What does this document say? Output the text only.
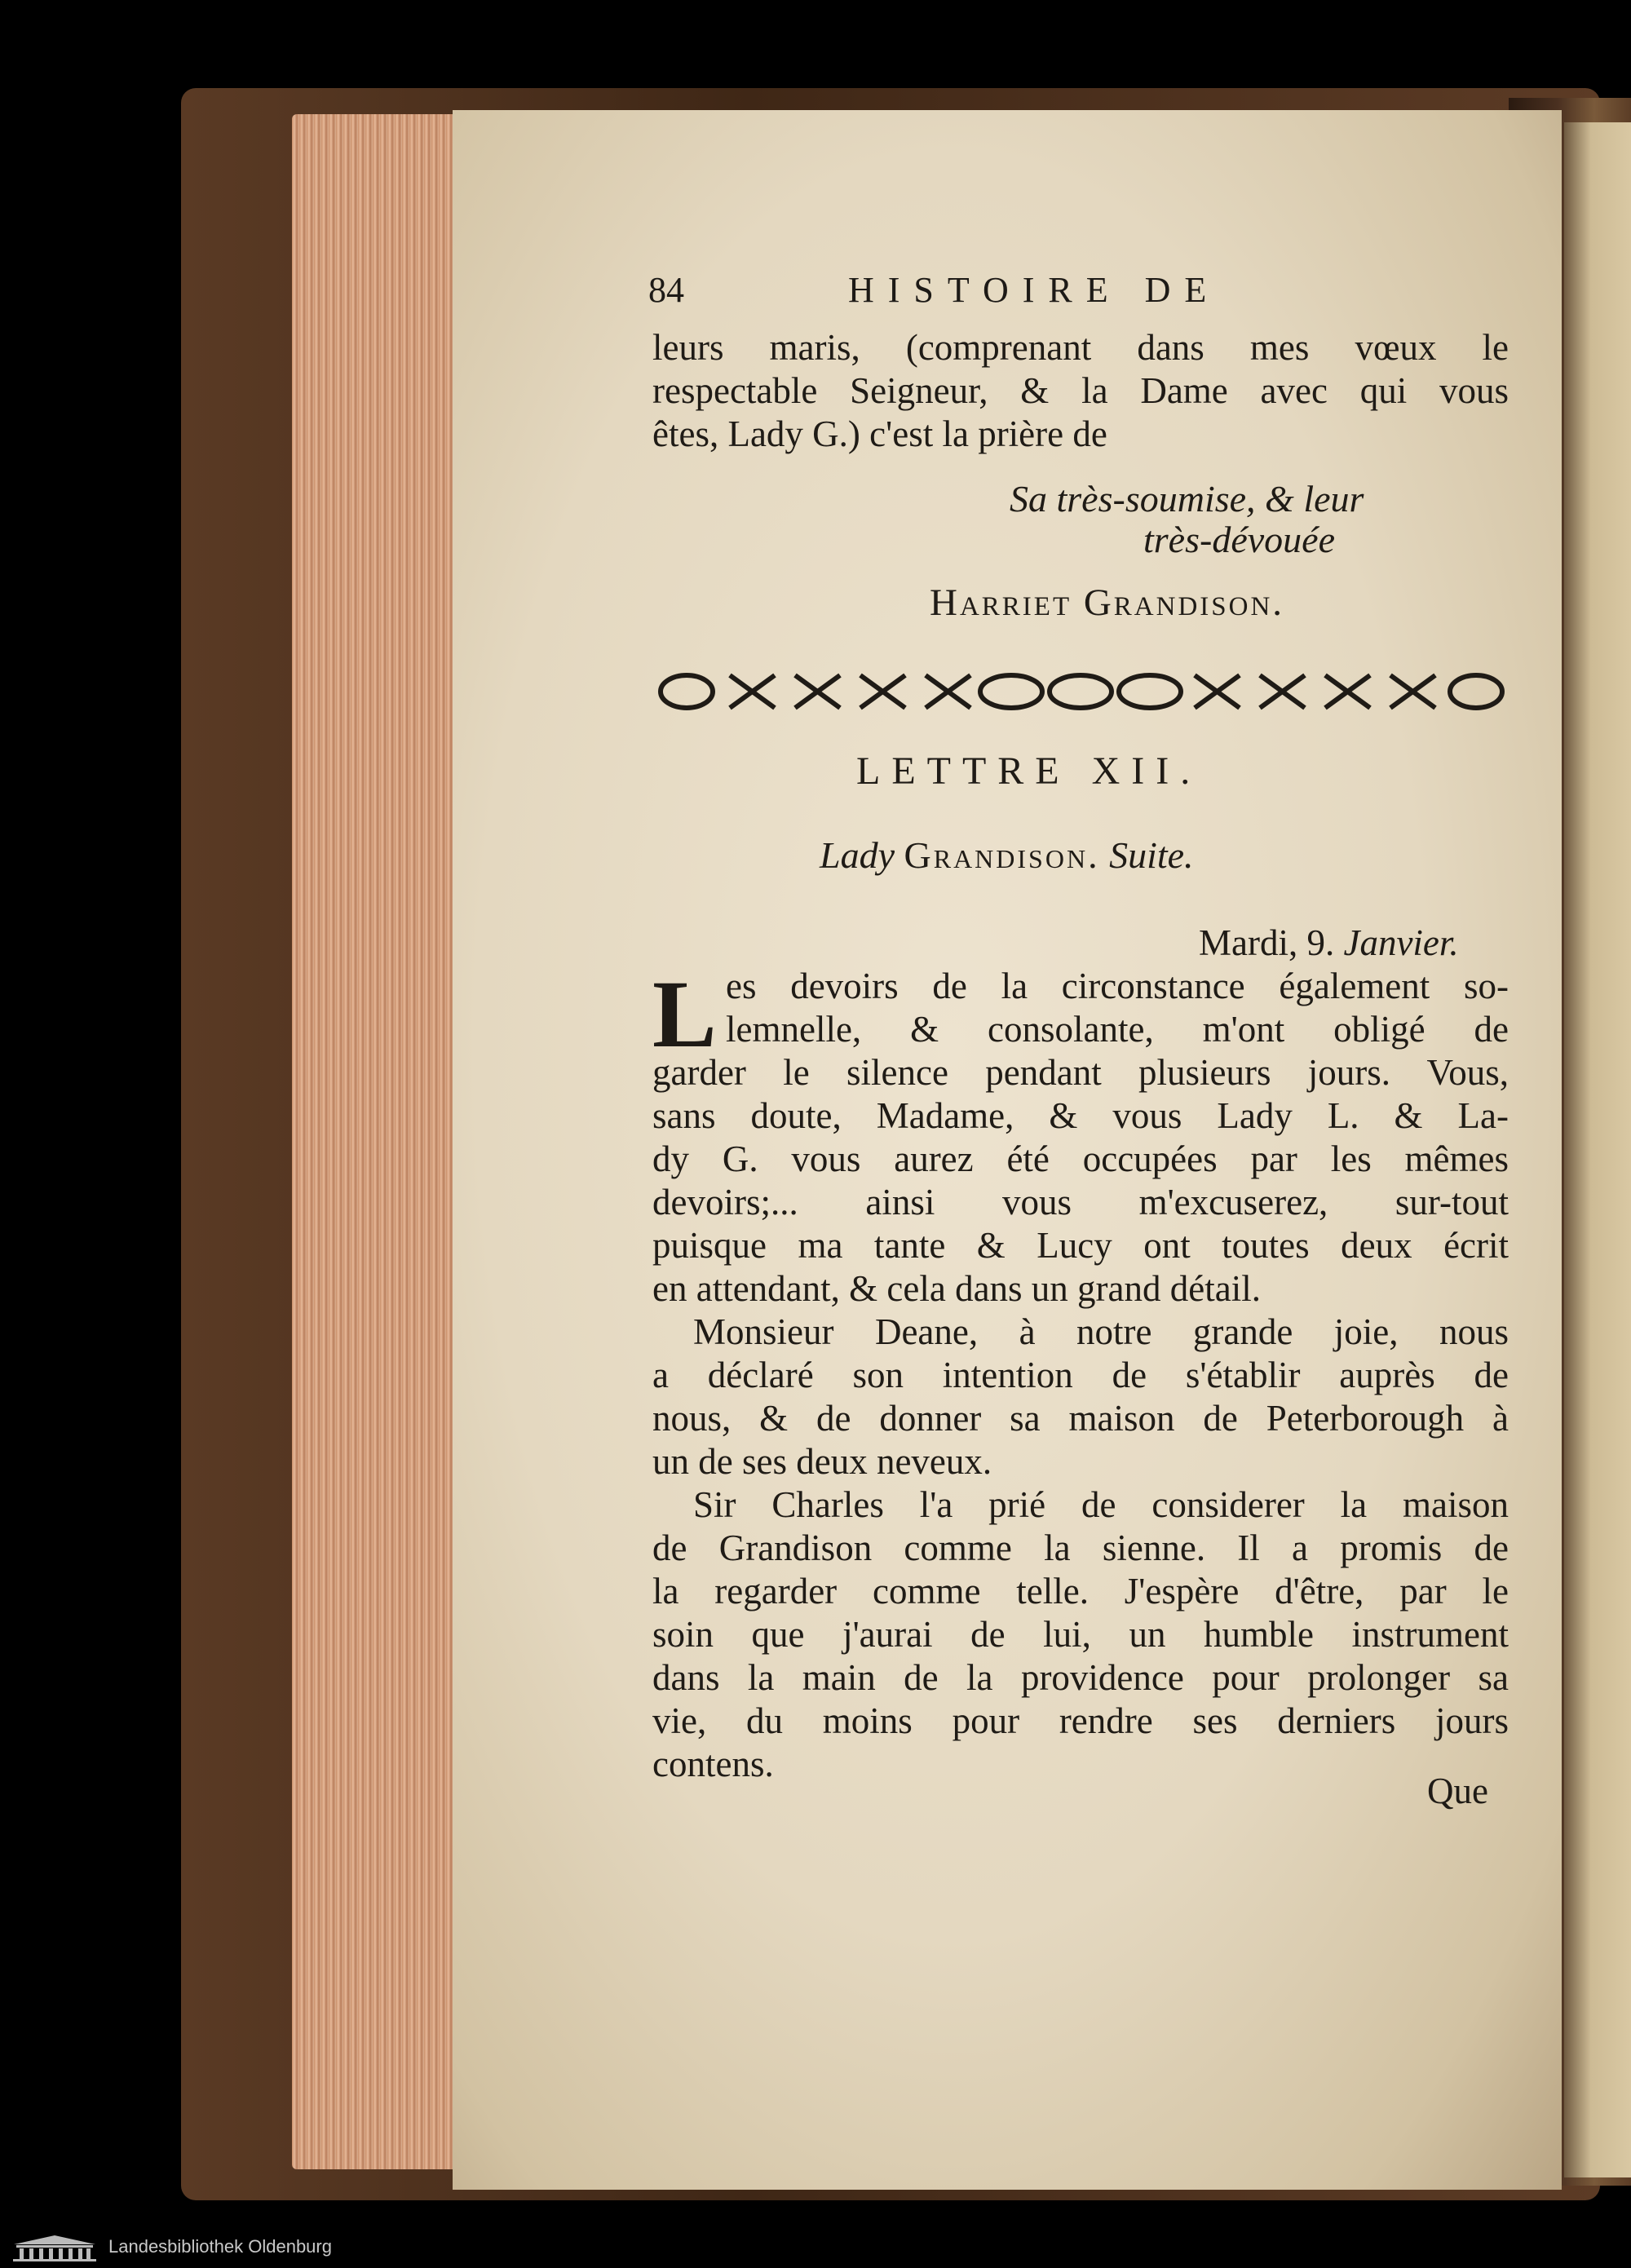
84	HISTOIRE DE
leurs maris, (comprenant dans mes vœux le
respectable Seigneur, & la Dame avec qui vous
êtes, Lady G.) c'est la prière de
Sa très-soumise, & leur
très-dévouée
Harriet Grandison.
LETTRE XII.
Lady Grandison. Suite.
Mardi, 9. Janvier.
L es devoirs de la circonstance également so-
lemnelle, & consolante, m'ont obligé de
garder le silence pendant plusieurs jours. Vous,
sans doute, Madame, & vous Lady L. & La-
dy G. vous aurez été occupées par les mêmes
devoirs;... ainsi vous m'excuserez, sur-tout
puisque ma tante & Lucy ont toutes deux écrit
en attendant, & cela dans un grand détail.
Monsieur Deane, à notre grande joie, nous
a déclaré son intention de s'établir auprès de
nous, & de donner sa maison de Peterborough à
un de ses deux neveux.
Sir Charles l'a prié de considerer la maison
de Grandison comme la sienne. Il a promis de
la regarder comme telle. J'espère d'être, par le
soin que j'aurai de lui, un humble instrument
dans la main de la providence pour prolonger sa
vie, du moins pour rendre ses derniers jours
contens.
Que
Landesbibliothek Oldenburg
